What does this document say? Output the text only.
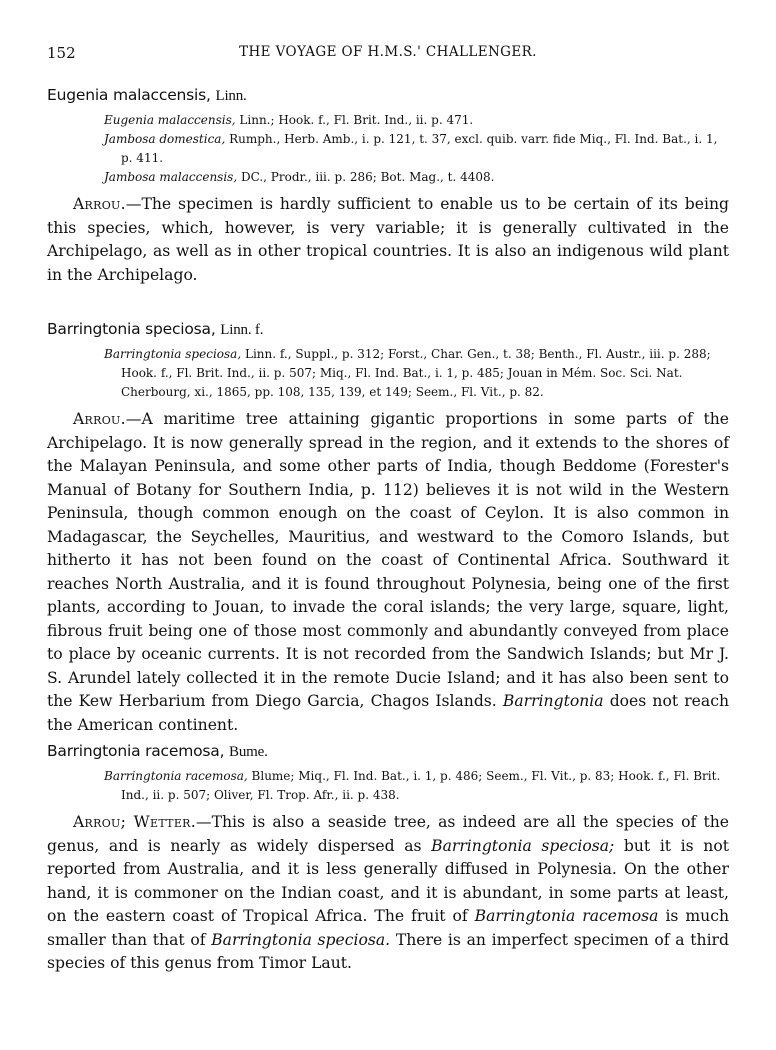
152	THE VOYAGE OF H.M.S.' CHALLENGER.
Eugenia malaccensis, Linn.
Eugenia malaccensis, Linn.; Hook. f., Fl. Brit. Ind., ii. p. 471.
Jambosa domestica, Rumph., Herb. Amb., i. p. 121, t. 37, excl. quib. varr. fide Miq., Fl. Ind. Bat., i. 1, p. 411.
Jambosa malaccensis, DC., Prodr., iii. p. 286; Bot. Mag., t. 4408.

Arrou.—The specimen is hardly sufficient to enable us to be certain of its being this species, which, however, is very variable; it is generally cultivated in the Archipelago, as well as in other tropical countries. It is also an indigenous wild plant in the Archipelago.

Barringtonia speciosa, Linn. f.
Barringtonia speciosa, Linn. f., Suppl., p. 312; Forst., Char. Gen., t. 38; Benth., Fl. Austr., iii. p. 288; Hook. f., Fl. Brit. Ind., ii. p. 507; Miq., Fl. Ind. Bat., i. 1, p. 485; Jouan in Mém. Soc. Sci. Nat. Cherbourg, xi., 1865, pp. 108, 135, 139, et 149; Seem., Fl. Vit., p. 82.

Arrou.—A maritime tree attaining gigantic proportions in some parts of the Archipelago. It is now generally spread in the region, and it extends to the shores of the Malayan Peninsula, and some other parts of India, though Beddome (Forester's Manual of Botany for Southern India, p. 112) believes it is not wild in the Western Peninsula, though common enough on the coast of Ceylon. It is also common in Madagascar, the Seychelles, Mauritius, and westward to the Comoro Islands, but hitherto it has not been found on the coast of Continental Africa. Southward it reaches North Australia, and it is found throughout Polynesia, being one of the first plants, according to Jouan, to invade the coral islands; the very large, square, light, fibrous fruit being one of those most commonly and abundantly conveyed from place to place by oceanic currents. It is not recorded from the Sandwich Islands; but Mr J. S. Arundel lately collected it in the remote Ducie Island; and it has also been sent to the Kew Herbarium from Diego Garcia, Chagos Islands. Barringtonia does not reach the American continent.

Barringtonia racemosa, Bume.
Barringtonia racemosa, Blume; Miq., Fl. Ind. Bat., i. 1, p. 486; Seem., Fl. Vit., p. 83; Hook. f., Fl. Brit. Ind., ii. p. 507; Oliver, Fl. Trop. Afr., ii. p. 438.

Arrou; Wetter.—This is also a seaside tree, as indeed are all the species of the genus, and is nearly as widely dispersed as Barringtonia speciosa; but it is not reported from Australia, and it is less generally diffused in Polynesia. On the other hand, it is commoner on the Indian coast, and it is abundant, in some parts at least, on the eastern coast of Tropical Africa. The fruit of Barringtonia racemosa is much smaller than that of Barringtonia speciosa. There is an imperfect specimen of a third species of this genus from Timor Laut.
